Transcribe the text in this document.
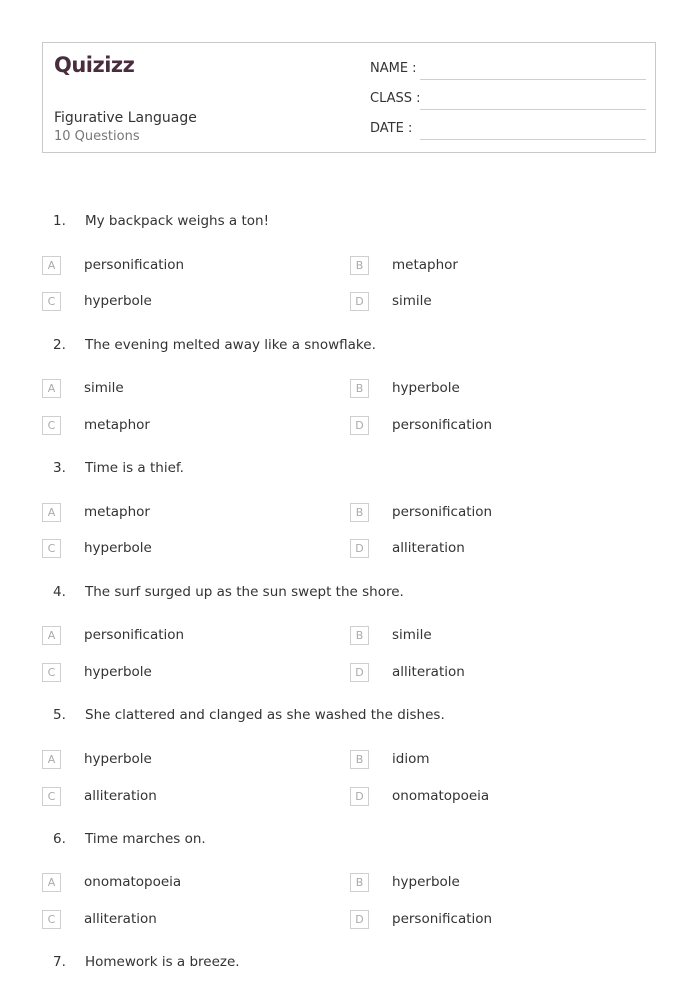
Quizizz
Figurative Language
10 Questions
NAME :
CLASS :
DATE :
1.	My backpack weighs a ton!
A	personification	B	metaphor
C	hyperbole	D	simile
2.	The evening melted away like a snowflake.
A	simile	B	hyperbole
C	metaphor	D	personification
3.	Time is a thief.
A	metaphor	B	personification
C	hyperbole	D	alliteration
4.	The surf surged up as the sun swept the shore.
A	personification	B	simile
C	hyperbole	D	alliteration
5.	She clattered and clanged as she washed the dishes.
A	hyperbole	B	idiom
C	alliteration	D	onomatopoeia
6.	Time marches on.
A	onomatopoeia	B	hyperbole
C	alliteration	D	personification
7.	Homework is a breeze.
